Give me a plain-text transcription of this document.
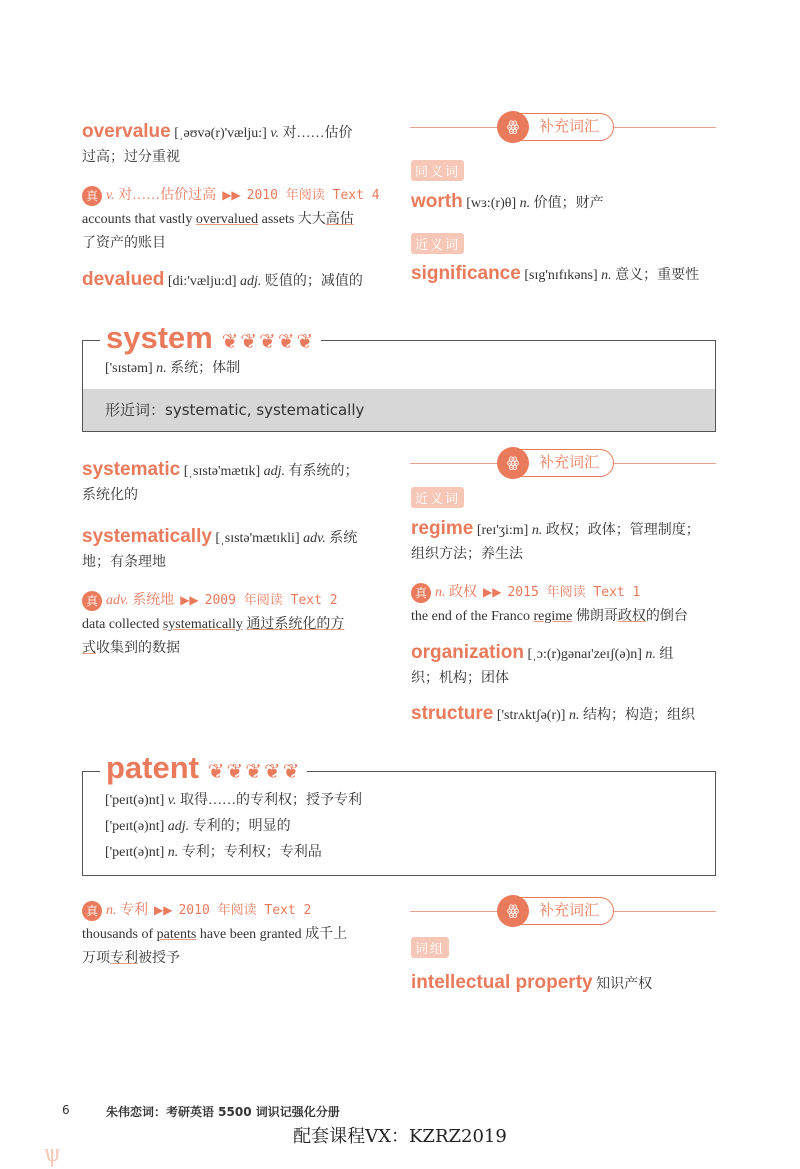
overvalue [ˌəʊvə(r)'vælju:] v. 对……估价
过高；过分重视
真 v. 对……估价过高 ▶▶ 2010 年阅读 Text 4
accounts that vastly overvalued assets 大大高估
了资产的账目
devalued [di:'vælju:d] adj. 贬值的；减值的
ꙮ	补充词汇
同义词
worth [wɜ:(r)θ] n. 价值；财产
近义词
significance [sɪg'nɪfɪkəns] n. 意义；重要性
['sɪstəm] n. 系统；体制
形近词：systematic, systematically
system ❦❦❦❦❦
systematic [ˌsɪstə'mætɪk] adj. 有系统的；
系统化的
systematically [ˌsɪstə'mætɪkli] adv. 系统
地；有条理地
真 adv. 系统地 ▶▶ 2009 年阅读 Text 2
data collected systematically 通过系统化的方
式收集到的数据
ꙮ	补充词汇
近义词
regime [reɪ'ʒi:m] n. 政权；政体；管理制度；
组织方法；养生法
真 n. 政权 ▶▶ 2015 年阅读 Text 1
the end of the Franco regime 佛朗哥政权的倒台
organization [ˌɔ:(r)gənaɪ'zeɪʃ(ə)n] n. 组
织；机构；团体
structure ['strʌktʃə(r)] n. 结构；构造；组织
['peɪt(ə)nt] v. 取得……的专利权；授予专利
['peɪt(ə)nt] adj. 专利的；明显的
['peɪt(ə)nt] n. 专利；专利权；专利品
patent ❦❦❦❦❦
真 n. 专利 ▶▶ 2010 年阅读 Text 2
thousands of patents have been granted 成千上
万项专利被授予
ꙮ	补充词汇
词组
intellectual property 知识产权
6	朱伟恋词：考研英语 5500 词识记强化分册
配套课程VX：KZRZ2019
ѱ
